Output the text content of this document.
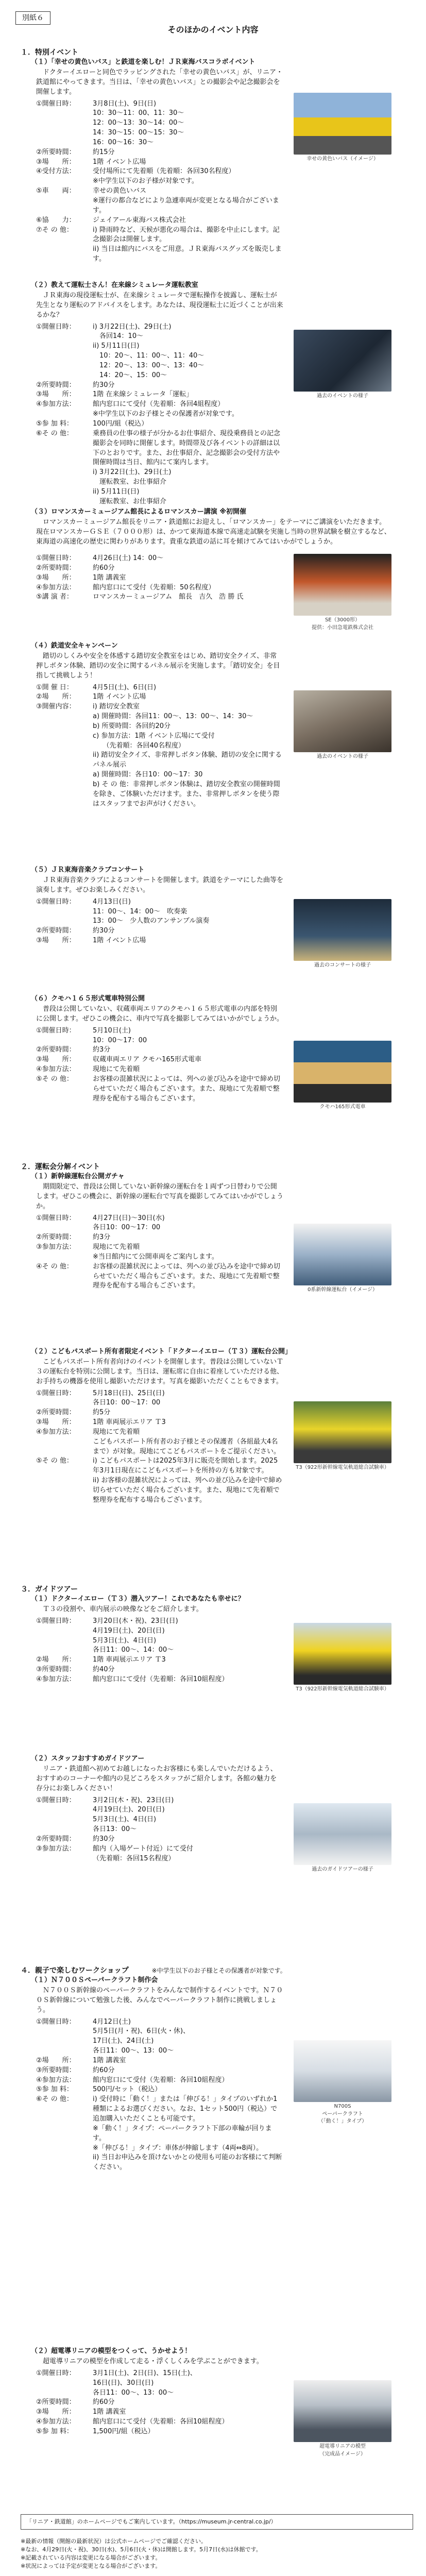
別紙６
そのほかのイベント内容
１．特別イベント
（１）「幸せの黄色いバス」と鉄道を楽しむ！ＪＲ東海バスコラボイベント

ドクターイエローと同色でラッピングされた「幸せの黄色いバス」が、リニア・鉄道館にやってきます。当日は、「幸せの黄色いバス」との撮影会や記念撮影会を開催します。

①開催日時：	3月8日(土)、9日(日)
10：30～11：00、11：30～
12：00～13：30～14：00～
14：30～15：00～15：30～
16：00～16：30～
②所要時間：	約15分
③場　　所：	1階 イベント広場
④受付方法：	受付場所にて先着順（先着順：各回30名程度）
※中学生以下のお子様が対象です。
⑤車　　両：	幸せの黄色いバス
※運行の都合などにより急遽車両が変更となる場合がございます。
⑥協　　力：	ジェイアール東海バス株式会社
⑦そ の 他：	i) 降雨時など、天候が悪化の場合は、撮影を中止にします。記念撮影会は開催します。
ii) 当日は館内にバスをご用意。ＪＲ東海バスグッズを販売します。
幸せの黄色いバス（イメージ）
（２）教えて運転士さん！在来線シミュレータ運転教室

ＪＲ東海の現役運転士が、在来線シミュレータで運転操作を披露し、運転士が先生となり運転のアドバイスをします。あなたは、現役運転士に近づくことが出来るかな？

①開催日時：	i) 3月22日(土)、29日(土)
　各回14：10～
ii) 5月11日(日)
　10：20～、11：00～、11：40～
　12：20～、13：00～、13：40～
　14：20～、15：00～
②所要時間：	約30分
③場　　所：	1階 在来線シミュレータ「運転」
④参加方法：	館内窓口にて受付（先着順：各回4組程度）
※中学生以下のお子様とその保護者が対象です。
⑤参 加 料：	100円/組（税込）
⑥そ の 他：	乗務員の仕事の様子が分かるお仕事紹介、現役乗務員との記念撮影会を同時に開催します。時間帯及び各イベントの詳細は以下のとおりです。また、お仕事紹介、記念撮影会の受付方法や開催時間は当日、館内にて案内します。
i) 3月22日(土)、29日(土)
　運転教室、お仕事紹介
ii) 5月11日(日)
　運転教室、お仕事紹介
過去のイベントの様子
（３）ロマンスカーミュージアム館長によるロマンスカー講演 ※初開催

ロマンスカーミュージアム館長をリニア・鉄道館にお迎えし、「ロマンスカー」をテーマにご講演をいただきます。現在ロマンスカーＧＳＥ（７０００形）は、かつて東海道本線で高速走試験を実施し当時の世界試験を樹立するなど、東海道の高速化の歴史に関わりがあります。貴重な鉄道の話に耳を傾けてみてはいかがでしょうか。

①開催日時：	4月26日(土) 14：00～
②所要時間：	約60分
③場　　所：	1階 講義室
④参加方法：	館内窓口にて受付（先着順：50名程度）
⑤講 演 者：	ロマンスカーミュージアム　館長　吉久　浩 勝 氏
SE（3000形）
提供：小田急電鉄株式会社
（４）鉄道安全キャンペーン

踏切のしくみや安全を体感する踏切安全教室をはじめ、踏切安全クイズ、非常押しボタン体験、踏切の安全に関するパネル展示を実施します。「踏切安全」を目指して挑戦しよう！

①開 催 日：	4月5日(土)、6日(日)
②場　　所：	1階 イベント広場
③開催内容：	i) 踏切安全教室
a) 開催時間：各回11：00～、13：00～、14：30～
b) 所要時間：各回約20分
c) 参加方法：1階 イベント広場にて受付
　　（先着順：各回40名程度）
ii) 踏切安全クイズ、非常押しボタン体験、踏切の安全に関するパネル展示
a) 開催時間：各日10：00～17：30
b) そ の 他：非常押しボタン体験は、踏切安全教室の開催時間を除き、ご体験いただけます。また、非常押しボタンを使う際はスタッフまでお声がけください。
過去のイベントの様子
（５）ＪＲ東海音楽クラブコンサート

ＪＲ東海音楽クラブによるコンサートを開催します。鉄道をテーマにした曲等を演奏します。ぜひお楽しみください。

①開催日時：	4月13日(日)
11：00～、14：00～　吹奏楽
13：00～　少人数のアンサンブル演奏
②所要時間：	約30分
③場　　所：	1階 イベント広場
過去のコンサートの様子
（６）クモハ１６５形式電車特別公開

普段は公開していない、収蔵車両エリアのクモハ１６５形式電車の内部を特別に公開します。ぜひこの機会に、車内で写真を撮影してみてはいかがでしょうか。

①開催日時：	5月10日(土)
10：00～17：00
②所要時間：	約3分
③場　　所：	収蔵車両エリア クモハ165形式電車
④参加方法：	現地にて先着順
⑤そ の 他：	お客様の混雑状況によっては、列への並び込みを途中で締め切らせていただく場合もございます。また、現地にて先着順で整理券を配布する場合もございます。
クモハ165形式電車
２．運転会分解イベント
（１）新幹線運転台公開ガチャ

期間限定で、普段は公開していない新幹線の運転台を１両ずつ日替わりで公開します。ぜひこの機会に、新幹線の運転台で写真を撮影してみてはいかがでしょうか。

①開催日時：	4月27日(日)～30日(水)
各日10：00～17：00
②所要時間：	約3分
③参加方法：	現地にて先着順
※当日館内にて公開車両をご案内します。
④そ の 他：	お客様の混雑状況によっては、列への並び込みを途中で締め切らせていただく場合もございます。また、現地にて先着順で整理券を配布する場合もございます。
0系新幹線運転台（イメージ）
（２）こどもパスポート所有者限定イベント「ドクターイエロー（Ｔ３）運転台公開」

こどもパスポート所有者向けのイベントを開催します。普段は公開していないＴ３の運転台を特別に公開します。当日は、運転席に自由に着座していただける他、お手持ちの機器を使用し撮影いただけます。写真を撮影いただくこともできます。

①開催日時：	5月18日(日)、25日(日)
各日10：00～17：00
②所要時間：	約5分
③場　　所：	1階 車両展示エリア Ｔ3
④参加方法：	現地にて先着順
こどもパスポート所有者のお子様とその保護者（各組最大4名まで）が対象。現地にてこどもパスポートをご提示ください。
⑤そ の 他：	i) こどもパスポートは2025年3月に販売を開始します。2025年3月1日現在にこどもパスポートを所持の方も対象です。
ii) お客様の混雑状況によっては、列への並び込みを途中で締め切らせていただく場合もございます。また、現地にて先着順で整理券を配布する場合もございます。
T3（922形新幹線電気軌道総合試験車）
３．ガイドツアー
（１）ドクターイエロー（Ｔ３）潜入ツアー！これであなたも幸せに？

Ｔ３の役割や、車内展示の映像などをご紹介します。

①開催日時：	3月20日(木・祝)、23日(日)
4月19日(土)、20日(日)
5月3日(土)、4日(日)
各日11：00～、14：00～
②場　　所：	1階 車両展示エリア Ｔ3
③所要時間：	約40分
④参加方法：	館内窓口にて受付（先着順：各回10組程度）
T3（922形新幹線電気軌道総合試験車）
（２）スタッフおすすめガイドツアー

リニア・鉄道館へ初めてお越しになったお客様にも楽しんでいただけるよう、おすすめのコーナーや館内の見どころをスタッフがご紹介します。各館の魅力を存分にお楽しみください！

①開催日時：	3月2日(木・祝)、23日(日)
4月19日(土)、20日(日)
5月3日(土)、4日(日)
各日13：00～
②所要時間：	約30分
③参加方法：	館内（入場ゲート付近）にて受付
（先着順：各回15名程度）
過去のガイドツアーの様子
４．親子で楽しむワークショップ	※中学生以下のお子様とその保護者が対象です。
（１）Ｎ７００Ｓペーパークラフト制作会

Ｎ７００Ｓ新幹線のペーパークラフトをみんなで制作するイベントです。Ｎ７００Ｓ新幹線について勉強した後、みんなでペーパークラフト制作に挑戦しましょう。

①開催日時：	4月12日(土)
5月5日(月・祝)、6日(火・休)、
17日(土)、24日(土)
各日11：00～、13：00～
②場　　所：	1階 講義室
③所要時間：	約60分
④参加方法：	館内窓口にて受付（先着順：各回10組程度）
⑤参 加 料：	500円/セット（税込）
⑥そ の 他：	i) 受付時に「動く！」または「伸びる！」タイプのいずれか1種類によるお選びください。なお、1セット500円（税込）で追加購入いただくことも可能です。
※「動く！」タイプ：ペーパークラフト下部の車輪が回ります。
※「伸びる！」タイプ：車体が伸縮します（4両⇔8両）。
ii) 当日お申込みを頂けないかとの使用も可能のお客様にて判断ください。
N700S
ペーパークラフト
（「動く！」タイプ）
（２）超電導リニアの模型をつくって、うかせよう！

超電導リニアの模型を作成して走る・浮くしくみを学ぶことができます。

①開催日時：	3月1日(土)、2日(日)、15日(土)、
16日(日)、30日(日)
各日11：00～、13：00～
②所要時間：	約60分
③場　　所：	1階 講義室
④参加方法：	館内窓口にて受付（先着順：各回10組程度）
⑤参 加 料：	1,500円/組（税込）
超電導リニアの模型
（完成品イメージ）
「リニア・鉄道館」のホームページでもご案内しています。（https://museum.jr-central.co.jp/）
※最新の情報（開館の最新状況）は公式ホームページでご確認ください。
※なお、4月29日(火・祝)、30日(水)、5月6日(火・休)は開館します。5月7日(水)は休館です。
※記載されている内容は変更になる場合がございます。
※状況によっては予定が変更となる場合がございます。
